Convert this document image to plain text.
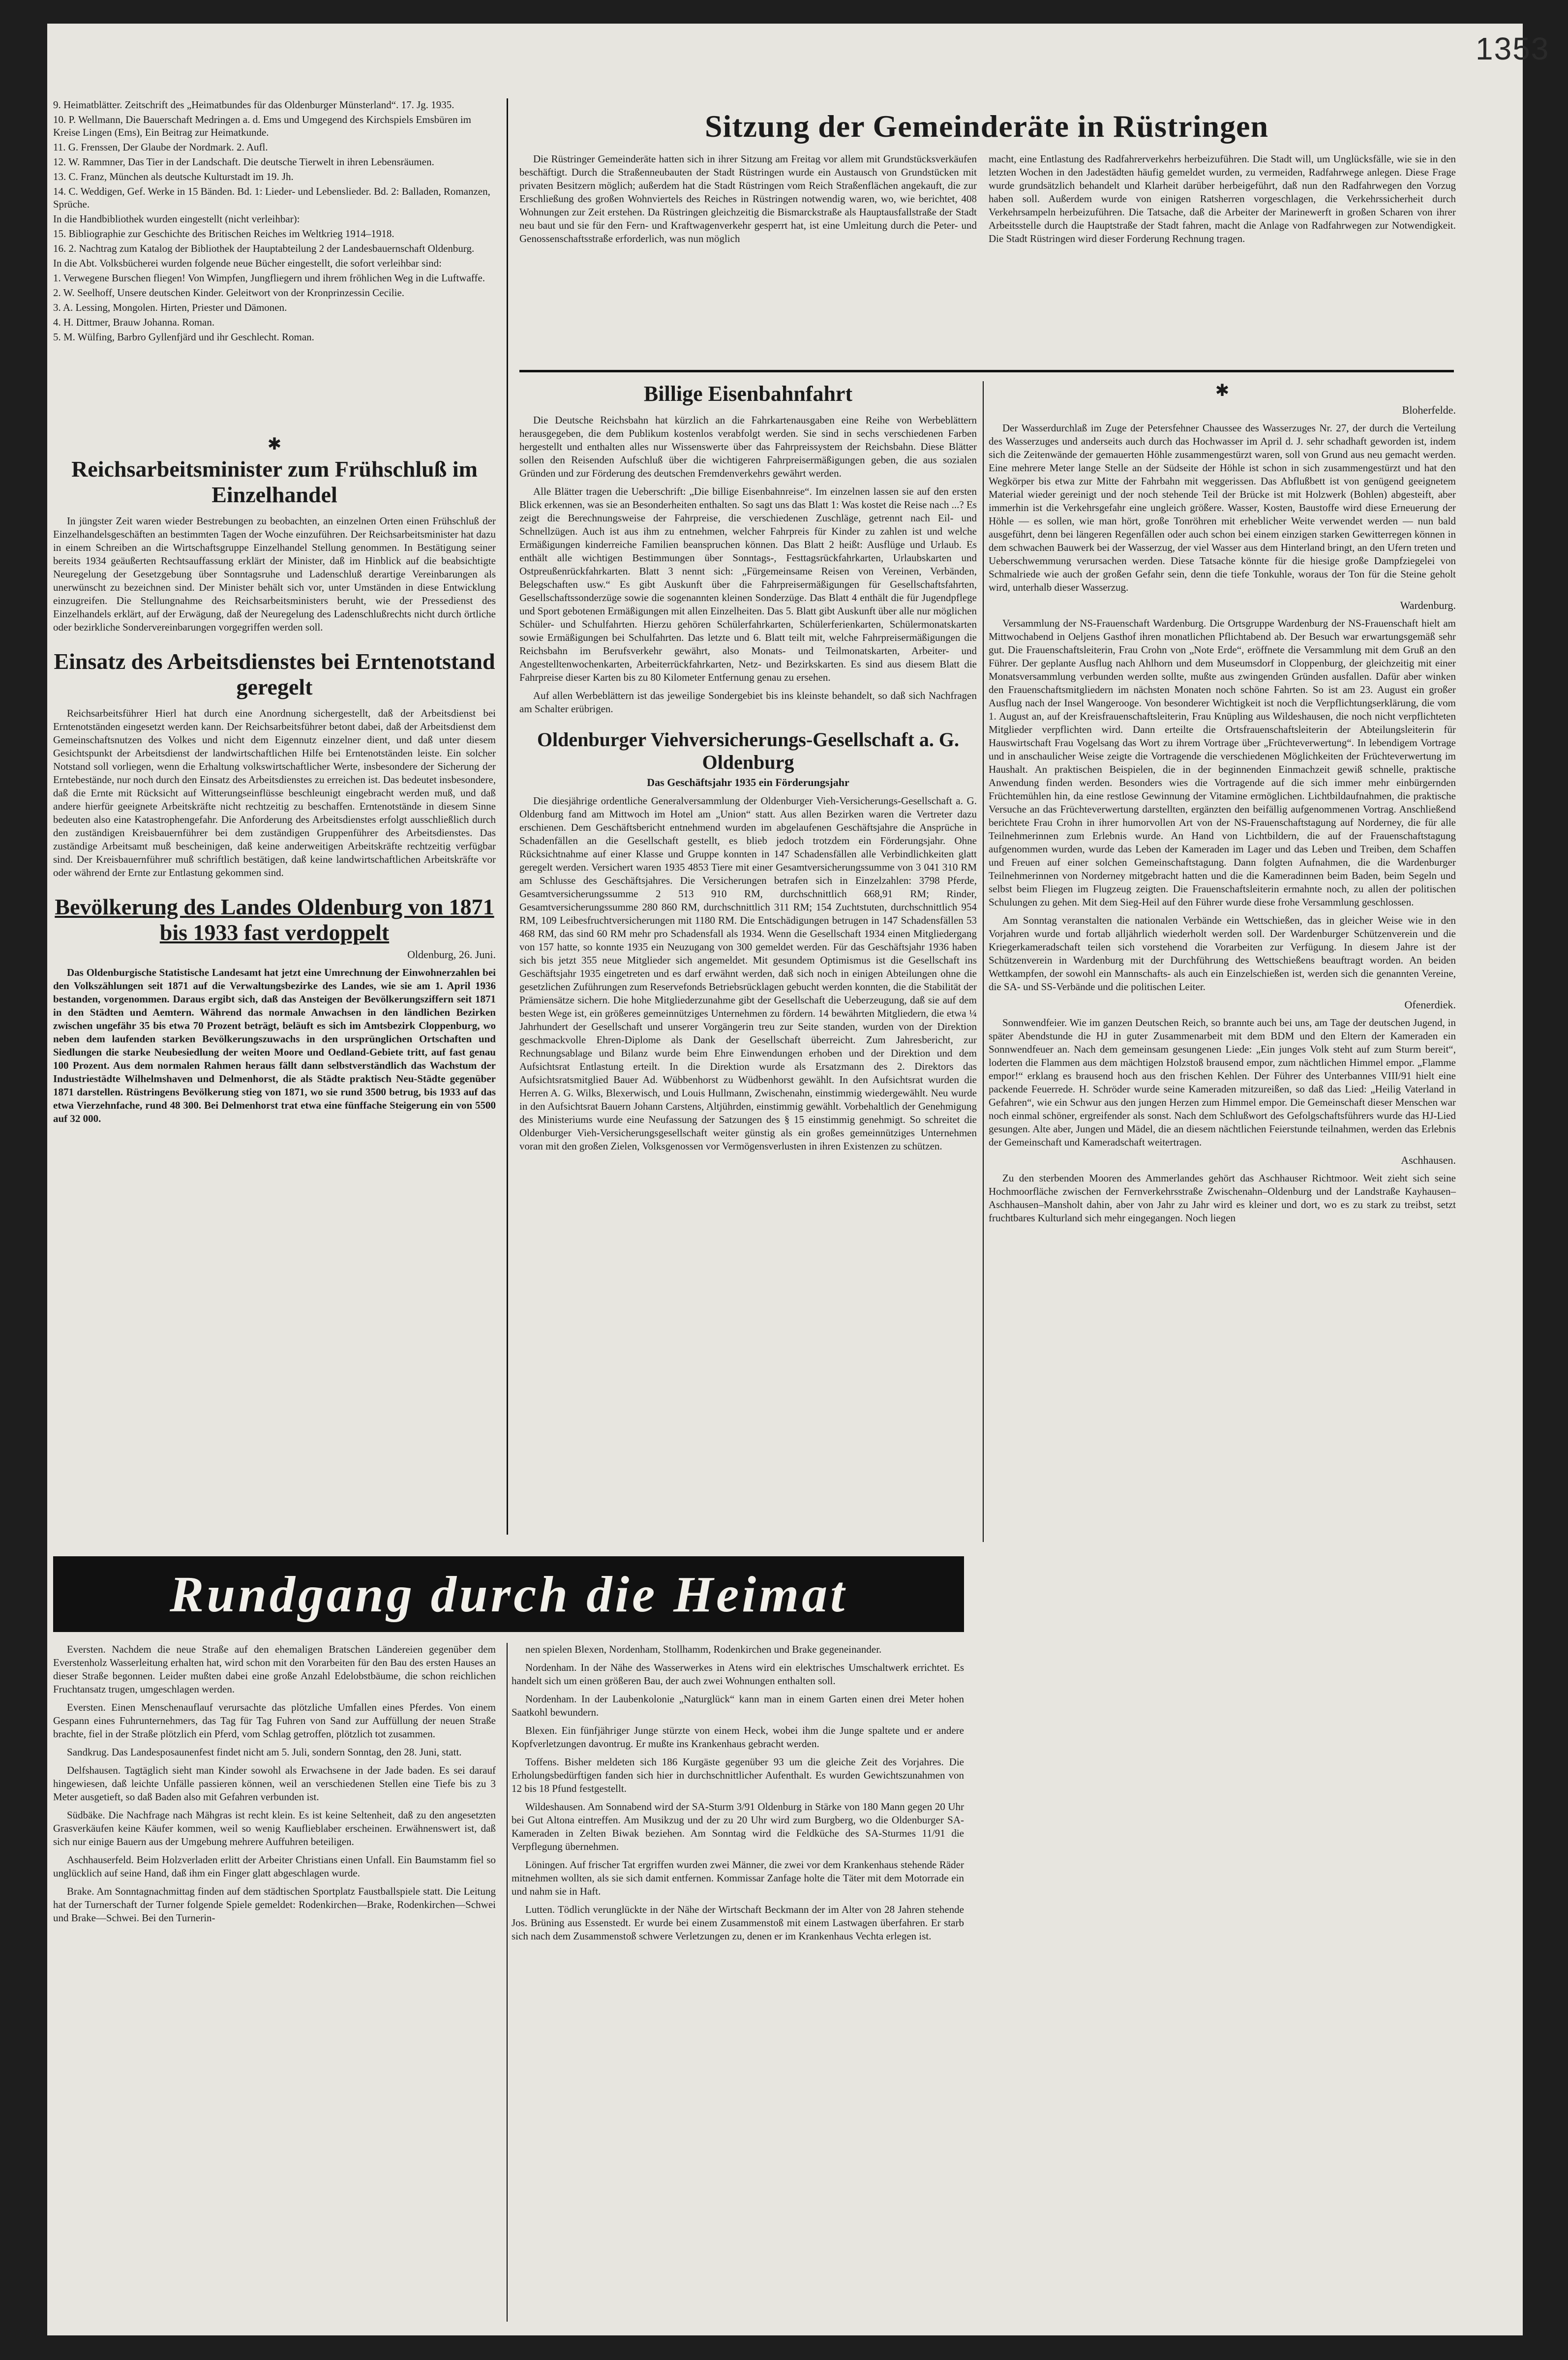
1353

9. Heimatblätter. Zeitschrift des „Heimatbundes für das Oldenburger Münsterland“. 17. Jg. 1935.

10. P. Wellmann, Die Bauerschaft Medringen a. d. Ems und Umgegend des Kirchspiels Emsbüren im Kreise Lingen (Ems), Ein Beitrag zur Heimatkunde.

11. G. Frenssen, Der Glaube der Nordmark. 2. Aufl.

12. W. Rammner, Das Tier in der Landschaft. Die deutsche Tierwelt in ihren Lebensräumen.

13. C. Franz, München als deutsche Kulturstadt im 19. Jh.

14. C. Weddigen, Gef. Werke in 15 Bänden. Bd. 1: Lieder- und Lebenslieder. Bd. 2: Balladen, Romanzen, Sprüche.

In die Handbibliothek wurden eingestellt (nicht verleihbar):

15. Bibliographie zur Geschichte des Britischen Reiches im Weltkrieg 1914–1918.

16. 2. Nachtrag zum Katalog der Bibliothek der Hauptabteilung 2 der Landesbauernschaft Oldenburg.

In die Abt. Volksbücherei wurden folgende neue Bücher eingestellt, die sofort verleihbar sind:

1. Verwegene Burschen fliegen! Von Wimpfen, Jungfliegern und ihrem fröhlichen Weg in die Luftwaffe.

2. W. Seelhoff, Unsere deutschen Kinder. Geleitwort von der Kronprinzessin Cecilie.

3. A. Lessing, Mongolen. Hirten, Priester und Dämonen.

4. H. Dittmer, Brauw Johanna. Roman.

5. M. Wülfing, Barbro Gyllenfjärd und ihr Geschlecht. Roman.

✱
Reichsarbeitsminister zum Frühschluß im Einzelhandel

In jüngster Zeit waren wieder Bestrebungen zu beobachten, an einzelnen Orten einen Frühschluß der Einzelhandelsgeschäften an bestimmten Tagen der Woche einzuführen. Der Reichsarbeitsminister hat dazu in einem Schreiben an die Wirtschaftsgruppe Einzelhandel Stellung genommen. In Bestätigung seiner bereits 1934 geäußerten Rechtsauffassung erklärt der Minister, daß im Hinblick auf die beabsichtigte Neuregelung der Gesetzgebung über Sonntagsruhe und Ladenschluß derartige Vereinbarungen als unerwünscht zu bezeichnen sind. Der Minister behält sich vor, unter Umständen in diese Entwicklung einzugreifen. Die Stellungnahme des Reichsarbeitsministers beruht, wie der Pressedienst des Einzelhandels erklärt, auf der Erwägung, daß der Neuregelung des Ladenschlußrechts nicht durch örtliche oder bezirkliche Sondervereinbarungen vorgegriffen werden soll.

Einsatz des Arbeitsdienstes bei Erntenotstand geregelt

Reichsarbeitsführer Hierl hat durch eine Anordnung sichergestellt, daß der Arbeitsdienst bei Erntenotständen eingesetzt werden kann. Der Reichsarbeitsführer betont dabei, daß der Arbeitsdienst dem Gemeinschaftsnutzen des Volkes und nicht dem Eigennutz einzelner dient, und daß unter diesem Gesichtspunkt der Arbeitsdienst der landwirtschaftlichen Hilfe bei Erntenotständen leiste. Ein solcher Notstand soll vorliegen, wenn die Erhaltung volkswirtschaftlicher Werte, insbesondere der Sicherung der Erntebestände, nur noch durch den Einsatz des Arbeitsdienstes zu erreichen ist. Das bedeutet insbesondere, daß die Ernte mit Rücksicht auf Witterungseinflüsse beschleunigt eingebracht werden muß, und daß andere hierfür geeignete Arbeitskräfte nicht rechtzeitig zu beschaffen. Erntenotstände in diesem Sinne bedeuten also eine Katastrophengefahr. Die Anforderung des Arbeitsdienstes erfolgt ausschließlich durch den zuständigen Kreisbauernführer bei dem zuständigen Gruppenführer des Arbeitsdienstes. Das zuständige Arbeitsamt muß bescheinigen, daß keine anderweitigen Arbeitskräfte rechtzeitig verfügbar sind. Der Kreisbauernführer muß schriftlich bestätigen, daß keine landwirtschaftlichen Arbeitskräfte vor oder während der Ernte zur Entlastung gekommen sind.

Bevölkerung des Landes Oldenburg von 1871 bis 1933 fast verdoppelt
Oldenburg, 26. Juni.

Das Oldenburgische Statistische Landesamt hat jetzt eine Umrechnung der Einwohnerzahlen bei den Volkszählungen seit 1871 auf die Verwaltungsbezirke des Landes, wie sie am 1. April 1936 bestanden, vorgenommen. Daraus ergibt sich, daß das Ansteigen der Bevölkerungsziffern seit 1871 in den Städten und Aemtern. Während das normale Anwachsen in den ländlichen Bezirken zwischen ungefähr 35 bis etwa 70 Prozent beträgt, beläuft es sich im Amtsbezirk Cloppenburg, wo neben dem laufenden starken Bevölkerungszuwachs in den ursprünglichen Ortschaften und Siedlungen die starke Neubesiedlung der weiten Moore und Oedland-Gebiete tritt, auf fast genau 100 Prozent. Aus dem normalen Rahmen heraus fällt dann selbstverständlich das Wachstum der Industriestädte Wilhelmshaven und Delmenhorst, die als Städte praktisch Neu-Städte gegenüber 1871 darstellen. Rüstringens Bevölkerung stieg von 1871, wo sie rund 3500 betrug, bis 1933 auf das etwa Vierzehnfache, rund 48 300. Bei Delmenhorst trat etwa eine fünffache Steigerung ein von 5500 auf 32 000.

Sitzung der Gemeinderäte in Rüstringen

Die Rüstringer Gemeinderäte hatten sich in ihrer Sitzung am Freitag vor allem mit Grundstücksverkäufen beschäftigt. Durch die Straßenneubauten der Stadt Rüstringen wurde ein Austausch von Grundstücken mit privaten Besitzern möglich; außerdem hat die Stadt Rüstringen vom Reich Straßenflächen angekauft, die zur Erschließung des großen Wohnviertels des Reiches in Rüstringen notwendig waren, wo, wie berichtet, 408 Wohnungen zur Zeit erstehen. Da Rüstringen gleichzeitig die Bismarckstraße als Hauptausfallstraße der Stadt neu baut und sie für den Fern- und Kraftwagenverkehr gesperrt hat, ist eine Umleitung durch die Peter- und Genossenschaftsstraße erforderlich, was nun möglich

macht, eine Entlastung des Radfahrerverkehrs herbeizuführen. Die Stadt will, um Unglücksfälle, wie sie in den letzten Wochen in den Jadestädten häufig gemeldet wurden, zu vermeiden, Radfahrwege anlegen. Diese Frage wurde grundsätzlich behandelt und Klarheit darüber herbeigeführt, daß nun den Radfahrwegen den Vorzug haben soll. Außerdem wurde von einigen Ratsherren vorgeschlagen, die Verkehrssicherheit durch Verkehrsampeln herbeizuführen. Die Tatsache, daß die Arbeiter der Marinewerft in großen Scharen von ihrer Arbeitsstelle durch die Hauptstraße der Stadt fahren, macht die Anlage von Radfahrwegen zur Notwendigkeit. Die Stadt Rüstringen wird dieser Forderung Rechnung tragen.

Billige Eisenbahnfahrt

Die Deutsche Reichsbahn hat kürzlich an die Fahrkartenausgaben eine Reihe von Werbeblättern herausgegeben, die dem Publikum kostenlos verabfolgt werden. Sie sind in sechs verschiedenen Farben hergestellt und enthalten alles nur Wissenswerte über das Fahrpreissystem der Reichsbahn. Diese Blätter sollen den Reisenden Aufschluß über die wichtigeren Fahrpreisermäßigungen geben, die aus sozialen Gründen und zur Förderung des deutschen Fremdenverkehrs gewährt werden.

Alle Blätter tragen die Ueberschrift: „Die billige Eisenbahnreise“. Im einzelnen lassen sie auf den ersten Blick erkennen, was sie an Besonderheiten enthalten. So sagt uns das Blatt 1: Was kostet die Reise nach ...? Es zeigt die Berechnungsweise der Fahrpreise, die verschiedenen Zuschläge, getrennt nach Eil- und Schnellzügen. Auch ist aus ihm zu entnehmen, welcher Fahrpreis für Kinder zu zahlen ist und welche Ermäßigungen kinderreiche Familien beanspruchen können. Das Blatt 2 heißt: Ausflüge und Urlaub. Es enthält alle wichtigen Bestimmungen über Sonntags-, Festtagsrückfahrkarten, Urlaubskarten und Ostpreußenrückfahrkarten. Blatt 3 nennt sich: „Fürgemeinsame Reisen von Vereinen, Verbänden, Belegschaften usw.“ Es gibt Auskunft über die Fahrpreisermäßigungen für Gesellschaftsfahrten, Gesellschaftssonderzüge sowie die sogenannten kleinen Sonderzüge. Das Blatt 4 enthält die für Jugendpflege und Sport gebotenen Ermäßigungen mit allen Einzelheiten. Das 5. Blatt gibt Auskunft über alle nur möglichen Schüler- und Schulfahrten. Hierzu gehören Schülerfahrkarten, Schülerferienkarten, Schülermonatskarten sowie Ermäßigungen bei Schulfahrten. Das letzte und 6. Blatt teilt mit, welche Fahrpreisermäßigungen die Reichsbahn im Berufsverkehr gewährt, also Monats- und Teilmonatskarten, Arbeiter- und Angestelltenwochenkarten, Arbeiterrückfahrkarten, Netz- und Bezirkskarten. Es sind aus diesem Blatt die Fahrpreise dieser Karten bis zu 80 Kilometer Entfernung genau zu ersehen.

Auf allen Werbeblättern ist das jeweilige Sondergebiet bis ins kleinste behandelt, so daß sich Nachfragen am Schalter erübrigen.

Oldenburger Viehversicherungs-Gesellschaft a. G. Oldenburg
Das Geschäftsjahr 1935 ein Förderungsjahr

Die diesjährige ordentliche Generalversammlung der Oldenburger Vieh-Versicherungs-Gesellschaft a. G. Oldenburg fand am Mittwoch im Hotel am „Union“ statt. Aus allen Bezirken waren die Vertreter dazu erschienen. Dem Geschäftsbericht entnehmend wurden im abgelaufenen Geschäftsjahre die Ansprüche in Schadenfällen an die Gesellschaft gestellt, es blieb jedoch trotzdem ein Förderungsjahr. Ohne Rücksichtnahme auf einer Klasse und Gruppe konnten in 147 Schadensfällen alle Verbindlichkeiten glatt geregelt werden. Versichert waren 1935 4853 Tiere mit einer Gesamtversicherungssumme von 3 041 310 RM am Schlusse des Geschäftsjahres. Die Versicherungen betrafen sich in Einzelzahlen: 3798 Pferde, Gesamtversicherungssumme 2 513 910 RM, durchschnittlich 668,91 RM; Rinder, Gesamtversicherungssumme 280 860 RM, durchschnittlich 311 RM; 154 Zuchtstuten, durchschnittlich 954 RM, 109 Leibesfruchtversicherungen mit 1180 RM. Die Entschädigungen betrugen in 147 Schadensfällen 53 468 RM, das sind 60 RM mehr pro Schadensfall als 1934. Wenn die Gesellschaft 1934 einen Mitgliedergang von 157 hatte, so konnte 1935 ein Neuzugang von 300 gemeldet werden. Für das Geschäftsjahr 1936 haben sich bis jetzt 355 neue Mitglieder sich angemeldet. Mit gesundem Optimismus ist die Gesellschaft ins Geschäftsjahr 1935 eingetreten und es darf erwähnt werden, daß sich noch in einigen Abteilungen ohne die gesetzlichen Zuführungen zum Reservefonds Betriebsrücklagen gebucht werden konnten, die die Stabilität der Prämiensätze sichern. Die hohe Mitgliederzunahme gibt der Gesellschaft die Ueberzeugung, daß sie auf dem besten Wege ist, ein größeres gemeinnütziges Unternehmen zu fördern. 14 bewährten Mitgliedern, die etwa ¼ Jahrhundert der Gesellschaft und unserer Vorgängerin treu zur Seite standen, wurden von der Direktion geschmackvolle Ehren-Diplome als Dank der Gesellschaft überreicht. Zum Jahresbericht, zur Rechnungsablage und Bilanz wurde beim Ehre Einwendungen erhoben und der Direktion und dem Aufsichtsrat Entlastung erteilt. In die Direktion wurde als Ersatzmann des 2. Direktors das Aufsichtsratsmitglied Bauer Ad. Wübbenhorst zu Wüdbenhorst gewählt. In den Aufsichtsrat wurden die Herren A. G. Wilks, Blexerwisch, und Louis Hullmann, Zwischenahn, einstimmig wiedergewählt. Neu wurde in den Aufsichtsrat Bauern Johann Carstens, Altjührden, einstimmig gewählt. Vorbehaltlich der Genehmigung des Ministeriums wurde eine Neufassung der Satzungen des § 15 einstimmig genehmigt. So schreitet die Oldenburger Vieh-Versicherungsgesellschaft weiter günstig als ein großes gemeinnütziges Unternehmen voran mit den großen Zielen, Volksgenossen vor Vermögensverlusten in ihren Existenzen zu schützen.

✱
Bloherfelde.

Der Wasserdurchlaß im Zuge der Petersfehner Chaussee des Wasserzuges Nr. 27, der durch die Verteilung des Wasserzuges und anderseits auch durch das Hochwasser im April d. J. sehr schadhaft geworden ist, indem sich die Zeitenwände der gemauerten Höhle zusammengestürzt waren, soll von Grund aus neu gemacht werden. Eine mehrere Meter lange Stelle an der Südseite der Höhle ist schon in sich zusammengestürzt und hat den Wegkörper bis etwa zur Mitte der Fahrbahn mit weggerissen. Das Abflußbett ist von genügend geeignetem Material wieder gereinigt und der noch stehende Teil der Brücke ist mit Holzwerk (Bohlen) abgesteift, aber immerhin ist die Verkehrsgefahr eine ungleich größere. Wasser, Kosten, Baustoffe wird diese Erneuerung der Höhle — es sollen, wie man hört, große Tonröhren mit erheblicher Weite verwendet werden — nun bald ausgeführt, denn bei längeren Regenfällen oder auch schon bei einem einzigen starken Gewitterregen können in dem schwachen Bauwerk bei der Wasserzug, der viel Wasser aus dem Hinterland bringt, an den Ufern treten und Ueberschwemmung verursachen werden. Diese Tatsache könnte für die hiesige große Dampfziegelei von Schmalriede wie auch der großen Gefahr sein, denn die tiefe Tonkuhle, woraus der Ton für die Steine geholt wird, unterhalb dieser Wasserzug.

Wardenburg.

Versammlung der NS-Frauenschaft Wardenburg. Die Ortsgruppe Wardenburg der NS-Frauenschaft hielt am Mittwochabend in Oeljens Gasthof ihren monatlichen Pflichtabend ab. Der Besuch war erwartungsgemäß sehr gut. Die Frauenschaftsleiterin, Frau Crohn von „Note Erde“, eröffnete die Versammlung mit dem Gruß an den Führer. Der geplante Ausflug nach Ahlhorn und dem Museumsdorf in Cloppenburg, der gleichzeitig mit einer Monatsversammlung verbunden werden sollte, mußte aus zwingenden Gründen ausfallen. Dafür aber winken den Frauenschaftsmitgliedern im nächsten Monaten noch schöne Fahrten. So ist am 23. August ein großer Ausflug nach der Insel Wangerooge. Von besonderer Wichtigkeit ist noch die Verpflichtungserklärung, die vom 1. August an, auf der Kreisfrauenschaftsleiterin, Frau Knüpling aus Wildeshausen, die noch nicht verpflichteten Mitglieder verpflichten wird. Dann erteilte die Ortsfrauenschaftsleiterin der Abteilungsleiterin für Hauswirtschaft Frau Vogelsang das Wort zu ihrem Vortrage über „Früchteverwertung“. In lebendigem Vortrage und in anschaulicher Weise zeigte die Vortragende die verschiedenen Möglichkeiten der Früchteverwertung im Haushalt. An praktischen Beispielen, die in der beginnenden Einmachzeit gewiß schnelle, praktische Anwendung finden werden. Besonders wies die Vortragende auf die sich immer mehr einbürgernden Früchtemühlen hin, da eine restlose Gewinnung der Vitamine ermöglichen. Lichtbildaufnahmen, die praktische Versuche an das Früchteverwertung darstellten, ergänzten den beifällig aufgenommenen Vortrag. Anschließend berichtete Frau Crohn in ihrer humorvollen Art von der NS-Frauenschaftstagung auf Norderney, die für alle Teilnehmerinnen zum Erlebnis wurde. An Hand von Lichtbildern, die auf der Frauenschaftstagung aufgenommen wurden, wurde das Leben der Kameraden im Lager und das Leben und Treiben, dem Schaffen und Freuen auf einer solchen Gemeinschaftstagung. Dann folgten Aufnahmen, die die Wardenburger Teilnehmerinnen von Norderney mitgebracht hatten und die die Kameradinnen beim Baden, beim Segeln und selbst beim Fliegen im Flugzeug zeigten. Die Frauenschaftsleiterin ermahnte noch, zu allen der politischen Schulungen zu gehen. Mit dem Sieg-Heil auf den Führer wurde diese frohe Versammlung geschlossen.

Am Sonntag veranstalten die nationalen Verbände ein Wettschießen, das in gleicher Weise wie in den Vorjahren wurde und fortab alljährlich wiederholt werden soll. Der Wardenburger Schützenverein und die Kriegerkameradschaft teilen sich vorstehend die Vorarbeiten zur Verfügung. In diesem Jahre ist der Schützenverein in Wardenburg mit der Durchführung des Wettschießens beauftragt worden. An beiden Wettkampfen, der sowohl ein Mannschafts- als auch ein Einzelschießen ist, werden sich die genannten Vereine, die SA- und SS-Verbände und die politischen Leiter.

Ofenerdiek.

Sonnwendfeier. Wie im ganzen Deutschen Reich, so brannte auch bei uns, am Tage der deutschen Jugend, in später Abendstunde die HJ in guter Zusammenarbeit mit dem BDM und den Eltern der Kameraden ein Sonnwendfeuer an. Nach dem gemeinsam gesungenen Liede: „Ein junges Volk steht auf zum Sturm bereit“, loderten die Flammen aus dem mächtigen Holzstoß brausend empor, zum nächtlichen Himmel empor. „Flamme empor!“ erklang es brausend hoch aus den frischen Kehlen. Der Führer des Unterbannes VIII/91 hielt eine packende Feuerrede. H. Schröder wurde seine Kameraden mitzureißen, so daß das Lied: „Heilig Vaterland in Gefahren“, wie ein Schwur aus den jungen Herzen zum Himmel empor. Die Gemeinschaft dieser Menschen war noch einmal schöner, ergreifender als sonst. Nach dem Schlußwort des Gefolgschaftsführers wurde das HJ-Lied gesungen. Alte aber, Jungen und Mädel, die an diesem nächtlichen Feierstunde teilnahmen, werden das Erlebnis der Gemeinschaft und Kameradschaft weitertragen.

Aschhausen.

Zu den sterbenden Mooren des Ammerlandes gehört das Aschhauser Richtmoor. Weit zieht sich seine Hochmoorfläche zwischen der Fernverkehrsstraße Zwischenahn–Oldenburg und der Landstraße Kayhausen–Aschhausen–Mansholt dahin, aber von Jahr zu Jahr wird es kleiner und dort, wo es zu stark zu treibst, setzt fruchtbares Kulturland sich mehr eingegangen. Noch liegen

Rundgang durch die Heimat

Eversten. Nachdem die neue Straße auf den ehemaligen Bratschen Ländereien gegenüber dem Everstenholz Wasserleitung erhalten hat, wird schon mit den Vorarbeiten für den Bau des ersten Hauses an dieser Straße begonnen. Leider mußten dabei eine große Anzahl Edelobstbäume, die schon reichlichen Fruchtansatz trugen, umgeschlagen werden.

Eversten. Einen Menschenauflauf verursachte das plötzliche Umfallen eines Pferdes. Von einem Gespann eines Fuhrunternehmers, das Tag für Tag Fuhren von Sand zur Auffüllung der neuen Straße brachte, fiel in der Straße plötzlich ein Pferd, vom Schlag getroffen, plötzlich tot zusammen.

Sandkrug. Das Landesposaunenfest findet nicht am 5. Juli, sondern Sonntag, den 28. Juni, statt.

Delfshausen. Tagtäglich sieht man Kinder sowohl als Erwachsene in der Jade baden. Es sei darauf hingewiesen, daß leichte Unfälle passieren können, weil an verschiedenen Stellen eine Tiefe bis zu 3 Meter ausgetieft, so daß Baden also mit Gefahren verbunden ist.

Südbäke. Die Nachfrage nach Mähgras ist recht klein. Es ist keine Seltenheit, daß zu den angesetzten Grasverkäufen keine Käufer kommen, weil so wenig Kauflieblaber erscheinen. Erwähnenswert ist, daß sich nur einige Bauern aus der Umgebung mehrere Auffuhren beteiligen.

Aschhauserfeld. Beim Holzverladen erlitt der Arbeiter Christians einen Unfall. Ein Baumstamm fiel so unglücklich auf seine Hand, daß ihm ein Finger glatt abgeschlagen wurde.

Brake. Am Sonntagnachmittag finden auf dem städtischen Sportplatz Faustballspiele statt. Die Leitung hat der Turnerschaft der Turner folgende Spiele gemeldet: Rodenkirchen—Brake, Rodenkirchen—Schwei und Brake—Schwei. Bei den Turnerin-

nen spielen Blexen, Nordenham, Stollhamm, Rodenkirchen und Brake gegeneinander.

Nordenham. In der Nähe des Wasserwerkes in Atens wird ein elektrisches Umschaltwerk errichtet. Es handelt sich um einen größeren Bau, der auch zwei Wohnungen enthalten soll.

Nordenham. In der Laubenkolonie „Naturglück“ kann man in einem Garten einen drei Meter hohen Saatkohl bewundern.

Blexen. Ein fünfjähriger Junge stürzte von einem Heck, wobei ihm die Junge spaltete und er andere Kopfverletzungen davontrug. Er mußte ins Krankenhaus gebracht werden.

Toffens. Bisher meldeten sich 186 Kurgäste gegenüber 93 um die gleiche Zeit des Vorjahres. Die Erholungsbedürftigen fanden sich hier in durchschnittlicher Aufenthalt. Es wurden Gewichtszunahmen von 12 bis 18 Pfund festgestellt.

Wildeshausen. Am Sonnabend wird der SA-Sturm 3/91 Oldenburg in Stärke von 180 Mann gegen 20 Uhr bei Gut Altona eintreffen. Am Musikzug und der zu 20 Uhr wird zum Burgberg, wo die Oldenburger SA-Kameraden in Zelten Biwak beziehen. Am Sonntag wird die Feldküche des SA-Sturmes 11/91 die Verpflegung übernehmen.

Löningen. Auf frischer Tat ergriffen wurden zwei Männer, die zwei vor dem Krankenhaus stehende Räder mitnehmen wollten, als sie sich damit entfernen. Kommissar Zanfage holte die Täter mit dem Motorrade ein und nahm sie in Haft.

Lutten. Tödlich verunglückte in der Nähe der Wirtschaft Beckmann der im Alter von 28 Jahren stehende Jos. Brüning aus Essenstedt. Er wurde bei einem Zusammenstoß mit einem Lastwagen überfahren. Er starb sich nach dem Zusammenstoß schwere Verletzungen zu, denen er im Krankenhaus Vechta erlegen ist.
